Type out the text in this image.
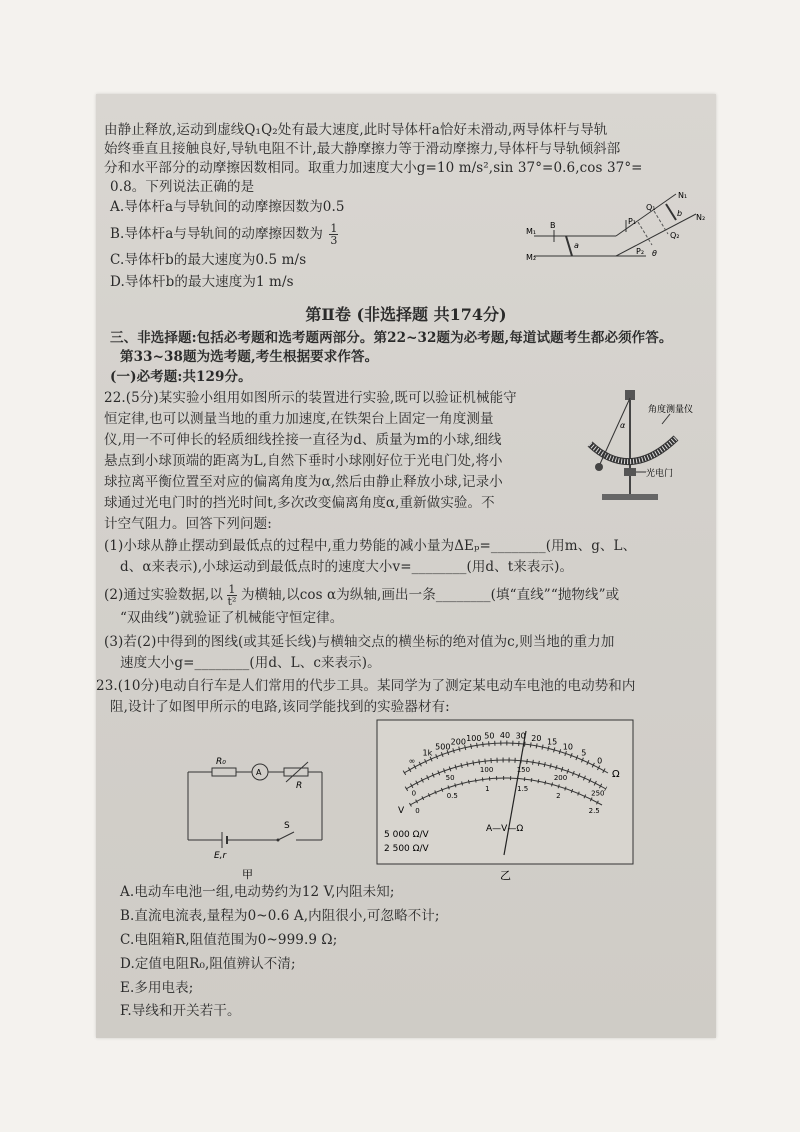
由静止释放,运动到虚线Q₁Q₂处有最大速度,此时导体杆a恰好未滑动,两导体杆与导轨
始终垂直且接触良好,导轨电阻不计,最大静摩擦力等于滑动摩擦力,导体杆与导轨倾斜部
分和水平部分的动摩擦因数相同。取重力加速度大小g=10 m/s²,sin 37°=0.6,cos 37°=
0.8。下列说法正确的是
A.导体杆a与导轨间的动摩擦因数为0.5
B.导体杆a与导轨间的动摩擦因数为 $\frac{1}{3}$
C.导体杆b的最大速度为0.5 m/s
D.导体杆b的最大速度为1 m/s
M₁
M₂
B
a
P₁
P₂
Q₁
Q₂
N₁
N₂
b
θ
第Ⅱ卷 (非选择题 共174分)
三、非选择题:包括必考题和选考题两部分。第22~32题为必考题,每道试题考生都必须作答。
第33~38题为选考题,考生根据要求作答。
(一)必考题:共129分。
22.(5分)某实验小组用如图所示的装置进行实验,既可以验证机械能守
恒定律,也可以测量当地的重力加速度,在铁架台上固定一角度测量
仪,用一不可伸长的轻质细线拴接一直径为d、质量为m的小球,细线
悬点到小球顶端的距离为L,自然下垂时小球刚好位于光电门处,将小
球拉离平衡位置至对应的偏离角度为α,然后由静止释放小球,记录小
球通过光电门时的挡光时间t,多次改变偏离角度α,重新做实验。不
计空气阻力。回答下列问题:
角度测量仪
光电门
α
(1)小球从静止摆动到最低点的过程中,重力势能的减小量为ΔEₚ=________(用m、g、L、
d、α来表示),小球运动到最低点时的速度大小v=________(用d、t来表示)。
(2)通过实验数据,以 $\frac{1}{\text{t²}}$ 为横轴,以cos α为纵轴,画出一条________(填“直线”“抛物线”或
“双曲线”)就验证了机械能守恒定律。
(3)若(2)中得到的图线(或其延长线)与横轴交点的横坐标的绝对值为c,则当地的重力加
速度大小g=________(用d、L、c来表示)。
23.(10分)电动自行车是人们常用的代步工具。某同学为了测定某电动车电池的电动势和内
阻,设计了如图甲所示的电路,该同学能找到的实验器材有:
R₀
A
R
S
E,r
甲
∞
1k
500
200 100 50 40 30 20 15
10
5
0
0
50
100	150
200
250
0
0.5
1	1.5
2
2.5
Ω
V
A—V—Ω
5 000 Ω/V
2 500 Ω/V
乙
A.电动车电池一组,电动势约为12 V,内阻未知;
B.直流电流表,量程为0~0.6 A,内阻很小,可忽略不计;
C.电阻箱R,阻值范围为0~999.9 Ω;
D.定值电阻R₀,阻值辨认不清;
E.多用电表;
F.导线和开关若干。
